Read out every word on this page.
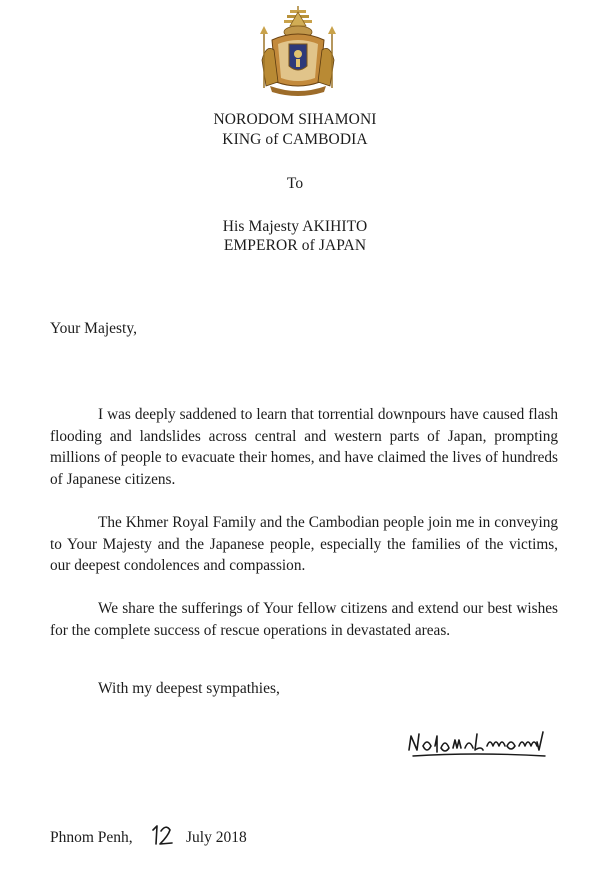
NORODOM SIHAMONI
KING of CAMBODIA
To
His Majesty AKIHITO
EMPEROR of JAPAN
Your Majesty,
I was deeply saddened to learn that torrential downpours have caused flash flooding and landslides across central and western parts of Japan, prompting millions of people to evacuate their homes, and have claimed the lives of hundreds of Japanese citizens.
The Khmer Royal Family and the Cambodian people join me in conveying to Your Majesty and the Japanese people, especially the families of the victims, our deepest condolences and compassion.
We share the sufferings of Your fellow citizens and extend our best wishes for the complete success of rescue operations in devastated areas.
With my deepest sympathies,
Phnom Penh,	July 2018
